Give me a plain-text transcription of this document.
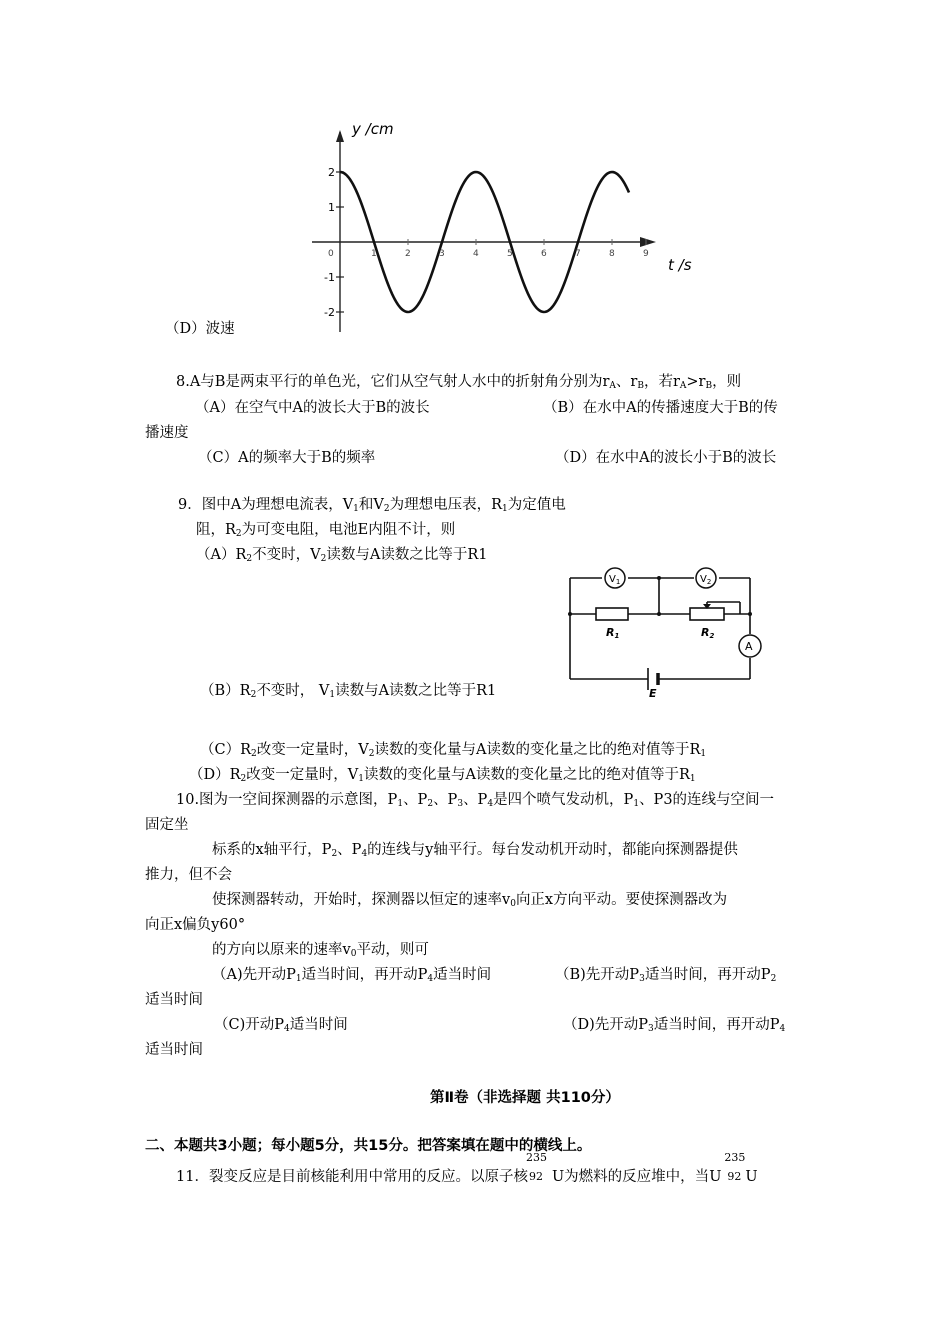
y /cm
t /s
2
1
-1
-2
0	1	2	3	4	5	6	7	8	9
（D）波速
8.A与B是两束平行的单色光，它们从空气射人水中的折射角分别为$r_A$、$r_B$，若$r_A>r_B$，则
（A）在空气中A的波长大于B的波长	（B）在水中A的传播速度大于B的传
播速度
（C）A的频率大于B的频率	（D）在水中A的波长小于B的波长
9．图中A为理想电流表，$V_1$和$V_2$为理想电压表，$R_1$为定值电
阻，$R_2$为可变电阻，电池E内阻不计，则
$(A)R_2$不变时，$V_2$读数与A读数之比等于R1
$V_1$	$V_2$
A
R1	R2
E
$(B)R_2$不变时， $V_1$读数与A读数之比等于R1
$(C)R_2$改变一定量时，$V_2$读数的变化量与A读数的变化量之比的绝对值等于$R_1$
$(D)R_2$改变一定量时，$V_1$读数的变化量与A读数的变化量之比的绝对值等于$R_1$
10.图为一空间探测器的示意图，$P_1$、$P_2$、$P_3$、$P_4$是四个喷气发动机，$P_1$、P3的连线与空间一
固定坐
标系的x轴平行，$P_2$、$P_4$的连线与y轴平行。每台发动机开动时，都能向探测器提供
推力，但不会
使探测器转动，开始时，探测器以恒定的速率$v_0$向正x方向平动。要使探测器改为
向正x偏负y60°
的方向以原来的速率$v_0$平动，则可
（A)先开动$P_1$适当时间，再开动$P_4$适当时间	（B)先开动$P_3$适当时间，再开动$P_2$
适当时间
（C)开动$P_4$适当时间	（D)先开动$P_3$适当时间，再开动$P_4$
适当时间
第Ⅱ卷（非选择题 共110分）
二、本题共3小题；每小题5分，共15分。把答案填在题中的横线上。
11．裂变反应是目前核能利用中常用的反应。以原子核
235
92 U为燃料的反应堆中，当U
235
92 U
